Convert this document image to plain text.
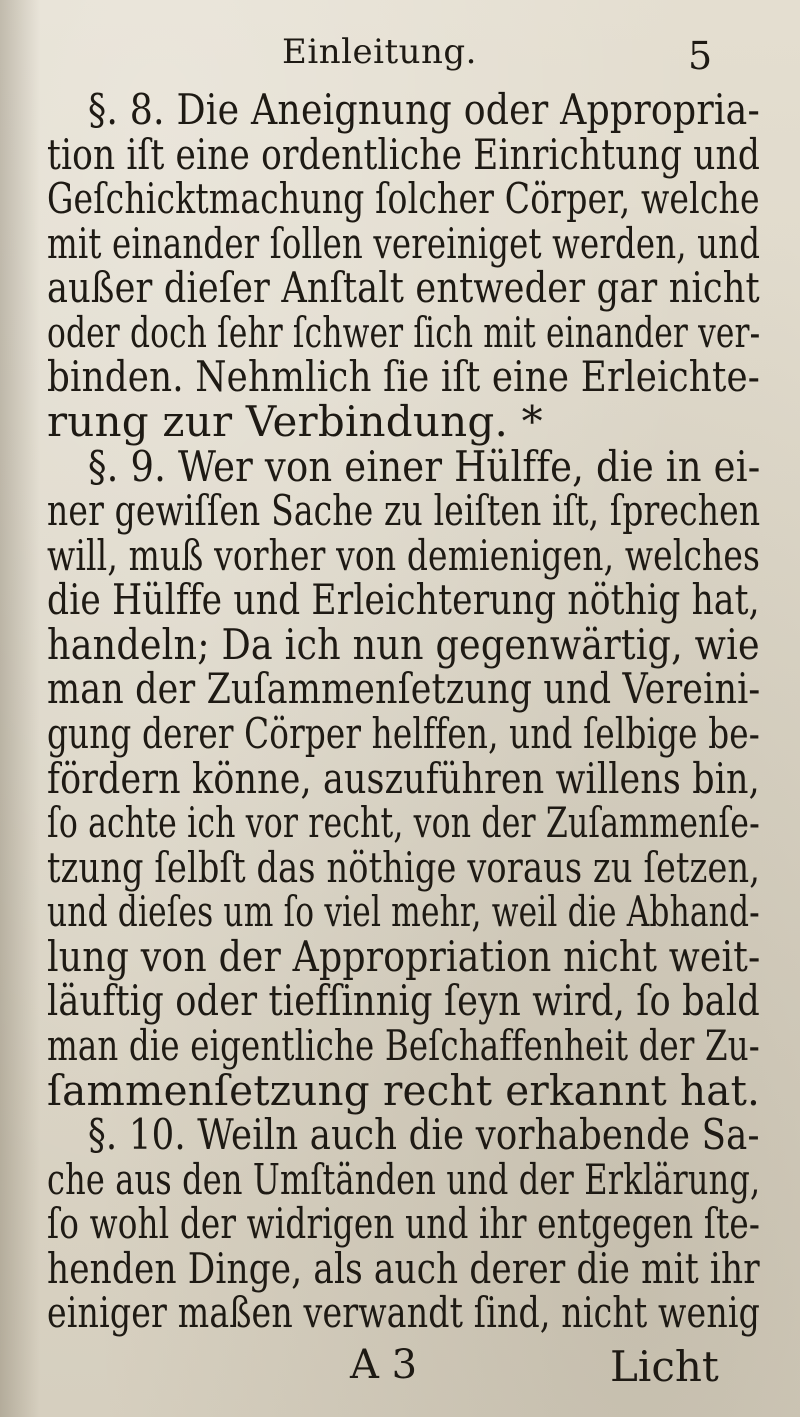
Einleitung.	5
§. 8. Die Aneignung oder Appropria-
tion iſt eine ordentliche Einrichtung und
Geſchicktmachung ſolcher Cörper, welche
mit einander ſollen vereiniget werden, und
außer dieſer Anſtalt entweder gar nicht
oder doch ſehr ſchwer ſich mit einander ver-
binden. Nehmlich ſie iſt eine Erleichte-
rung zur Verbindung. *
§. 9. Wer von einer Hülffe, die in ei-
ner gewiſſen Sache zu leiſten iſt, ſprechen
will, muß vorher von demienigen, welches
die Hülffe und Erleichterung nöthig hat,
handeln; Da ich nun gegenwärtig, wie
man der Zuſammenſetzung und Vereini-
gung derer Cörper helffen, und ſelbige be-
fördern könne, auszuführen willens bin,
ſo achte ich vor recht, von der Zuſammenſe-
tzung ſelbſt das nöthige voraus zu ſetzen,
und dieſes um ſo viel mehr, weil die Abhand-
lung von der Appropriation nicht weit-
läuftig oder tiefſinnig ſeyn wird, ſo bald
man die eigentliche Beſchaffenheit der Zu-
ſammenſetzung recht erkannt hat.
§. 10. Weiln auch die vorhabende Sa-
che aus den Umſtänden und der Erklärung,
ſo wohl der widrigen und ihr entgegen ſte-
henden Dinge, als auch derer die mit ihr
einiger maßen verwandt ſind, nicht wenig
A 3	Licht
